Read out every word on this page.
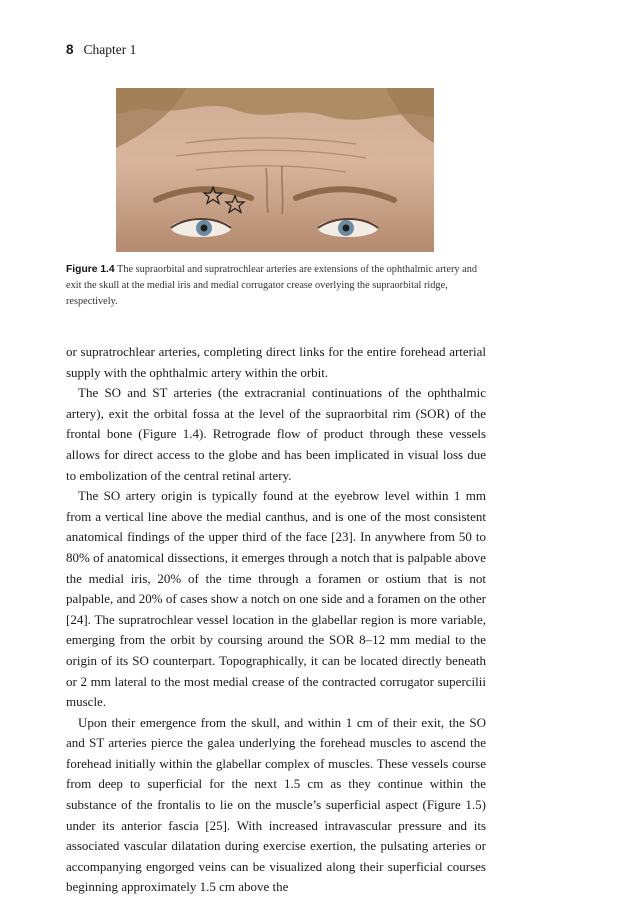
8 Chapter 1
Figure 1.4 The supraorbital and supratrochlear arteries are extensions of the ophthalmic artery and exit the skull at the medial iris and medial corrugator crease overlying the supraorbital ridge, respectively.

or supratrochlear arteries, completing direct links for the entire forehead arterial supply with the ophthalmic artery within the orbit.

The SO and ST arteries (the extracranial continuations of the ophthalmic artery), exit the orbital fossa at the level of the supraorbital rim (SOR) of the frontal bone (Figure 1.4). Retrograde flow of product through these vessels allows for direct access to the globe and has been implicated in visual loss due to embolization of the central retinal artery.

The SO artery origin is typically found at the eyebrow level within 1 mm from a vertical line above the medial canthus, and is one of the most consistent anatomical findings of the upper third of the face [23]. In anywhere from 50 to 80% of anatomical dissections, it emerges through a notch that is palpable above the medial iris, 20% of the time through a foramen or ostium that is not palpable, and 20% of cases show a notch on one side and a foramen on the other [24]. The supratrochlear vessel location in the glabellar region is more variable, emerging from the orbit by coursing around the SOR 8–12 mm medial to the origin of its SO counterpart. Topographically, it can be located directly beneath or 2 mm lateral to the most medial crease of the contracted corrugator supercilii muscle.

Upon their emergence from the skull, and within 1 cm of their exit, the SO and ST arteries pierce the galea underlying the forehead muscles to ascend the forehead initially within the glabellar complex of muscles. These vessels course from deep to superficial for the next 1.5 cm as they continue within the substance of the frontalis to lie on the muscle’s superficial aspect (Figure 1.5) under its anterior fascia [25]. With increased intravascular pressure and its associated vascular dilatation during exercise exertion, the pulsating arteries or accompanying engorged veins can be visualized along their superficial courses beginning approximately 1.5 cm above the
